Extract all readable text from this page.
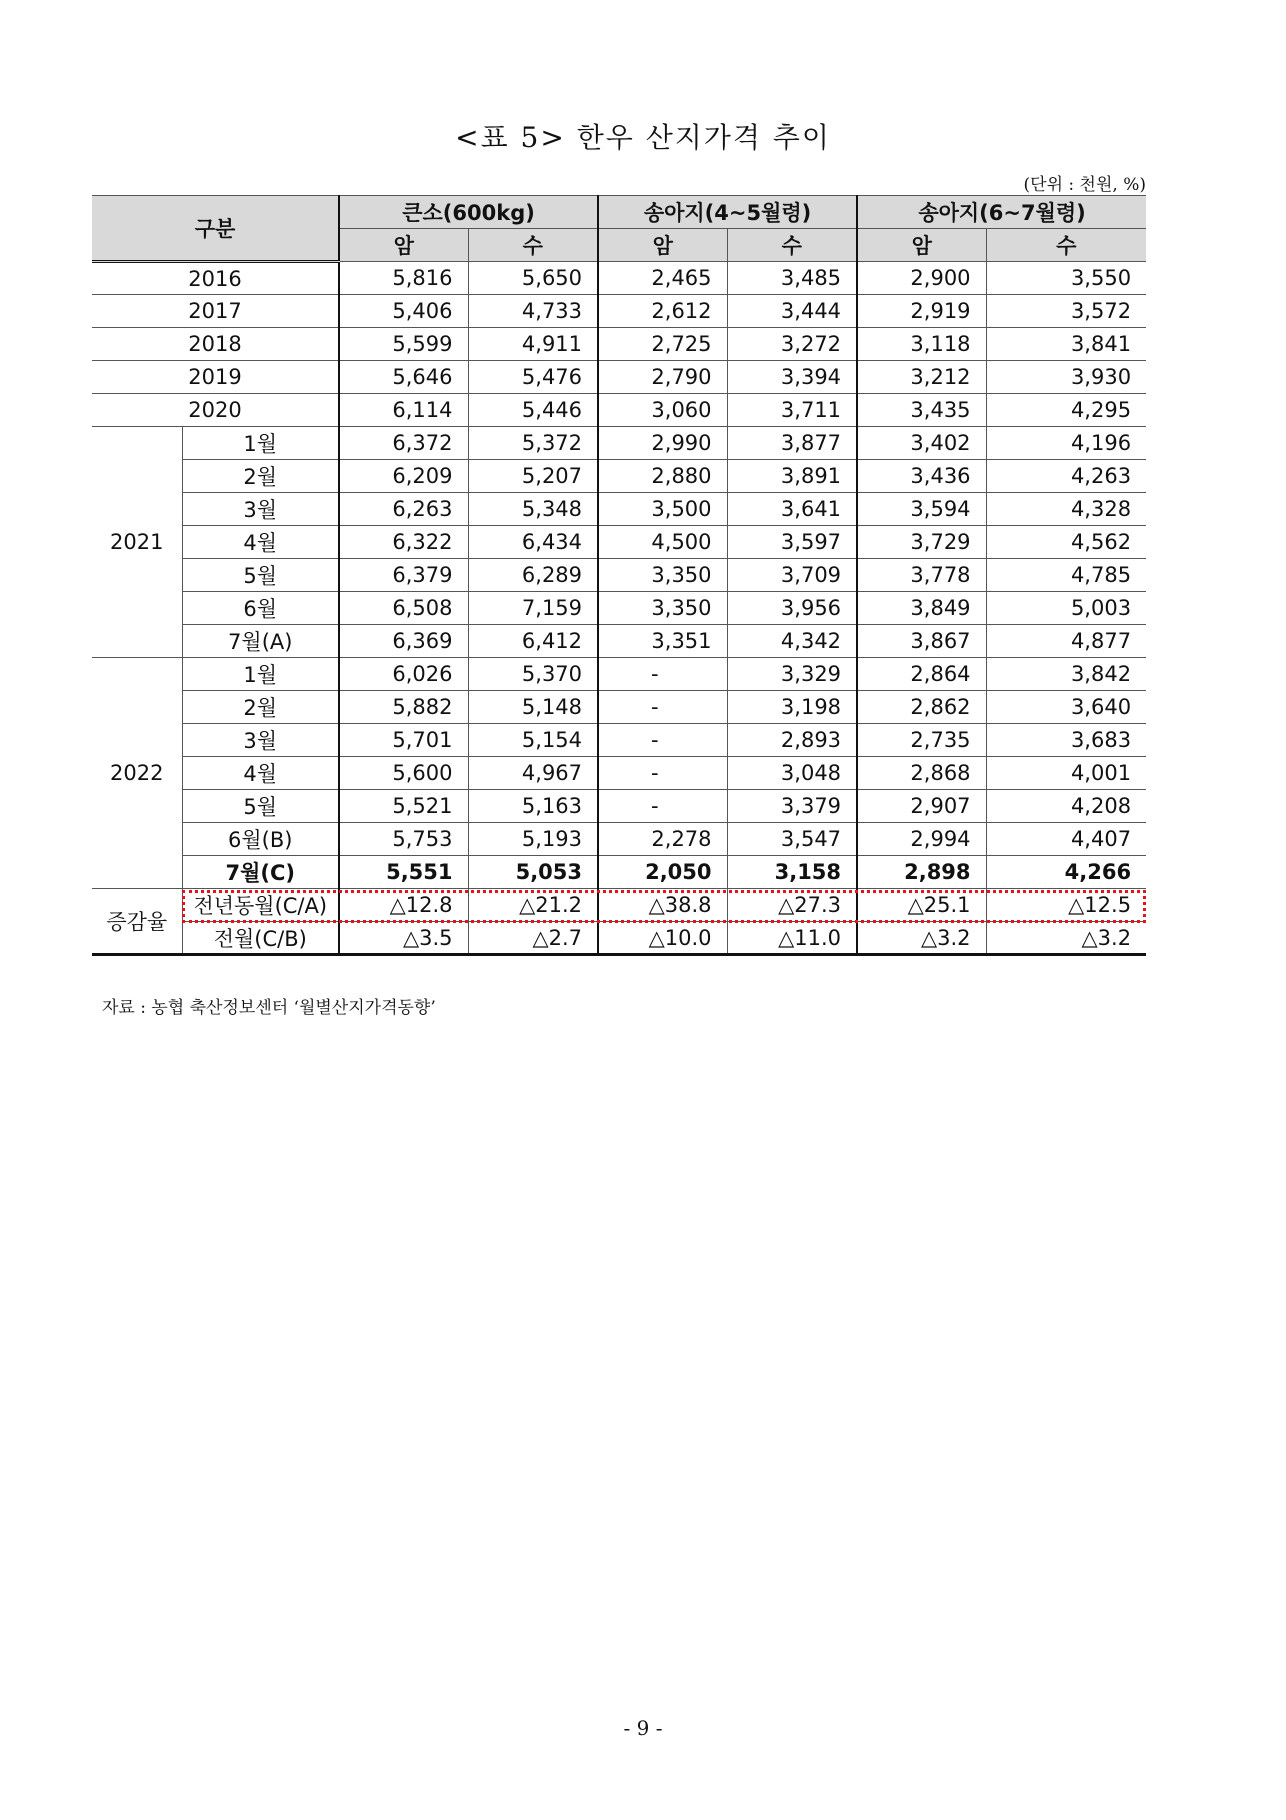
<표 5> 한우 산지가격 추이
(단위 : 천원, %)
구분		큰소(600kg)		송아지(4~5월령)		송아지(6~7월령)	
		암	수	암	수	암	수
2016		5,816	5,650	2,465	3,485	2,900	3,550
2017		5,406	4,733	2,612	3,444	2,919	3,572
2018		5,599	4,911	2,725	3,272	3,118	3,841
2019		5,646	5,476	2,790	3,394	3,212	3,930
2020		6,114	5,446	3,060	3,711	3,435	4,295
2021	1월	6,372	5,372	2,990	3,877	3,402	4,196
	2월	6,209	5,207	2,880	3,891	3,436	4,263
	3월	6,263	5,348	3,500	3,641	3,594	4,328
	4월	6,322	6,434	4,500	3,597	3,729	4,562
	5월	6,379	6,289	3,350	3,709	3,778	4,785
	6월	6,508	7,159	3,350	3,956	3,849	5,003
	7월(A)	6,369	6,412	3,351	4,342	3,867	4,877
2022	1월	6,026	5,370	-	3,329	2,864	3,842
	2월	5,882	5,148	-	3,198	2,862	3,640
	3월	5,701	5,154	-	2,893	2,735	3,683
	4월	5,600	4,967	-	3,048	2,868	4,001
	5월	5,521	5,163	-	3,379	2,907	4,208
	6월(B)	5,753	5,193	2,278	3,547	2,994	4,407
	7월(C)	5,551	5,053	2,050	3,158	2,898	4,266
증감율	전년동월(C/A)	△12.8	△21.2	△38.8	△27.3	△25.1	△12.5
	전월(C/B)	△3.5	△2.7	△10.0	△11.0	△3.2	△3.2
자료 : 농협 축산정보센터 ‘월별산지가격동향’
- 9 -
